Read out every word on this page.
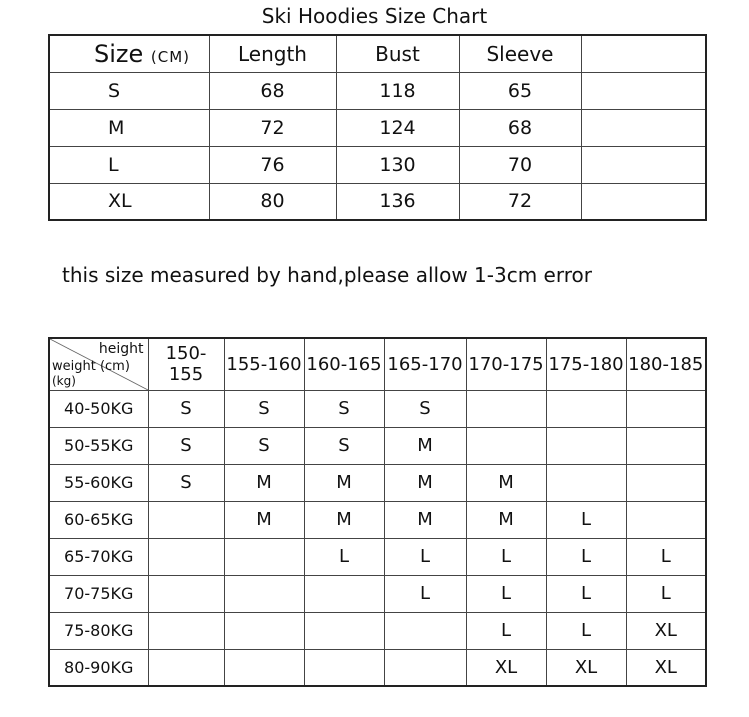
Ski Hoodies Size Chart
Size (CM)	Length	Bust	Sleeve	
S	68	118	65	
M	72	124	68	
L	76	130	70	
XL	80	136	72	
this size measured by hand,please allow 1-3cm error
height
weight (cm)
(kg)	150-155	155-160	160-165	165-170	170-175	175-180	180-185
40-50KG	S	S	S	S			
50-55KG	S	S	S	M			
55-60KG	S	M	M	M	M		
60-65KG		M	M	M	M	L	
65-70KG			L	L	L	L	L
70-75KG				L	L	L	L
75-80KG					L	L	XL
80-90KG					XL	XL	XL
